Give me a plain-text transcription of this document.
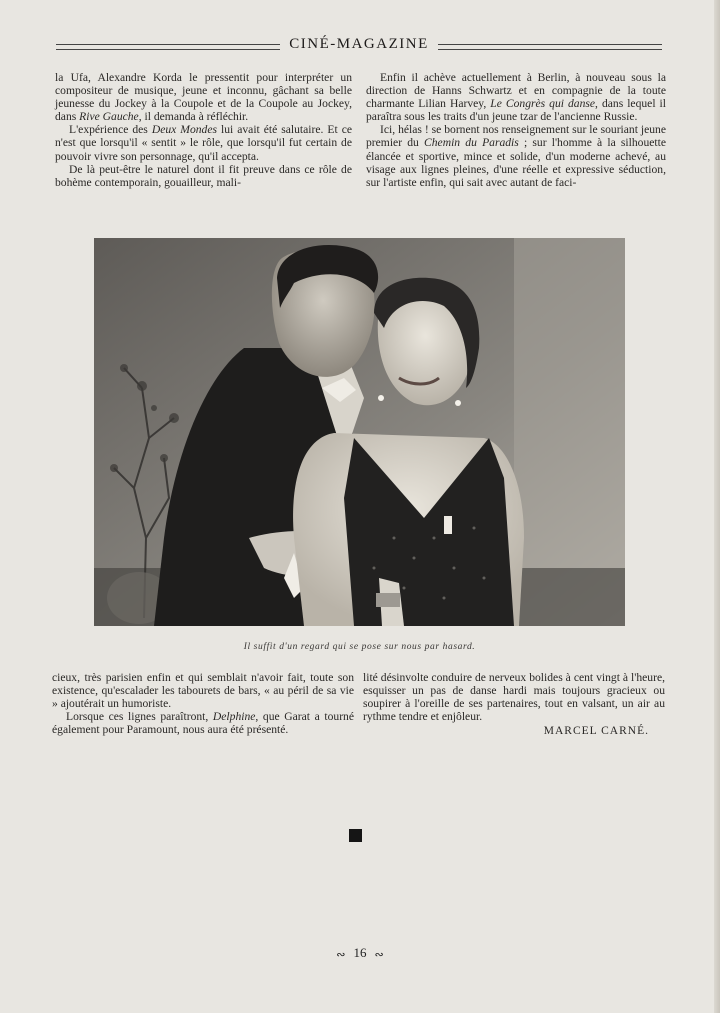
CINÉ-MAGAZINE

la Ufa, Alexandre Korda le pressentit pour interpréter un compositeur de musique, jeune et inconnu, gâchant sa belle jeunesse du Jockey à la Coupole et de la Coupole au Jockey, dans Rive Gauche, il demanda à réfléchir.

L'expérience des Deux Mondes lui avait été salutaire. Et ce n'est que lorsqu'il « sentit » le rôle, que lorsqu'il fut certain de pouvoir vivre son personnage, qu'il accepta.

De là peut-être le naturel dont il fit preuve dans ce rôle de bohème contemporain, gouailleur, mali-

Enfin il achève actuellement à Berlin, à nouveau sous la direction de Hanns Schwartz et en compagnie de la toute charmante Lilian Harvey, Le Congrès qui danse, dans lequel il paraîtra sous les traits d'un jeune tzar de l'ancienne Russie.

Ici, hélas ! se bornent nos renseignement sur le souriant jeune premier du Chemin du Paradis ; sur l'homme à la silhouette élancée et sportive, mince et solide, d'un moderne achevé, au visage aux lignes pleines, d'une réelle et expressive séduction, sur l'artiste enfin, qui sait avec autant de faci-

Il suffit d'un regard qui se pose sur nous par hasard.

cieux, très parisien enfin et qui semblait n'avoir fait, toute son existence, qu'escalader les tabourets de bars, « au péril de sa vie » ajoutérait un humoriste.

Lorsque ces lignes paraîtront, Delphine, que Garat a tourné également pour Paramount, nous aura été présenté.

lité désinvolte conduire de nerveux bolides à cent vingt à l'heure, esquisser un pas de danse hardi mais toujours gracieux ou soupirer à l'oreille de ses partenaires, tout en valsant, un air au rythme tendre et enjôleur.

MARCEL CARNÉ.

∾ 16 ∾
